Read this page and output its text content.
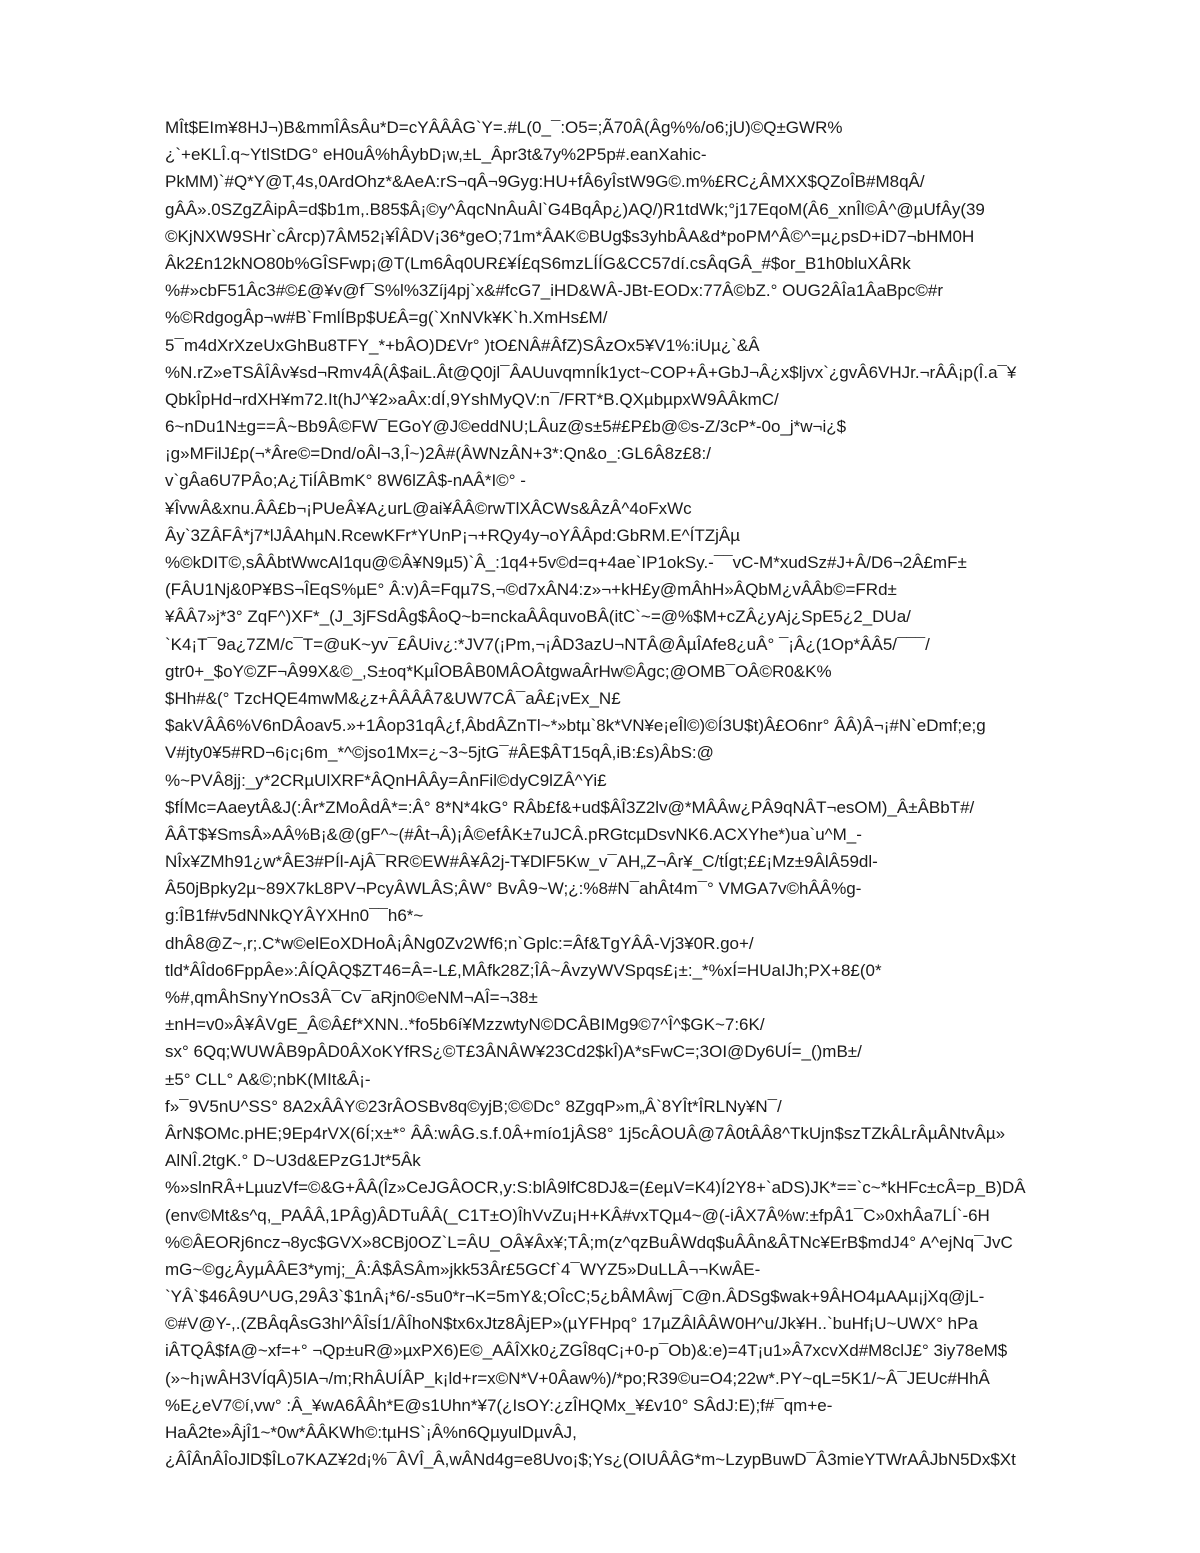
MÎt$EIm¥8HJ¬)B&mmÎÂsÂu*D=cYÂÂÂG`Y=.#L(0_¯:O5=;Ã70Â(Âg%%/o6;jU)©Q±GWR%
¿`+eKLÎ.q~YtlStDG° eH0uÂ%hÂybD¡w,±L_Âpr3t&7y%2P5p#.eanXahic-
PkMM)`#Q*Y@T,4s,0ArdOhz*&AeA:rS¬qÂ¬9Gyg:HU+fÂ6yÎstW9G©.m%£RC¿ÂMXX$QZoÎB#M8qÂ/
gÂÂ».0SZgZÂipÂ=d$b1m,.B85$Â¡©y^ÂqcNnÂuÂl`G4BqÂp¿)AQ/)R1tdWk;°j17EqoM(Â6_xnÎl©Â^@µUfÂy(39
©KjNXW9SHr`cÂrcp)7ÂM52¡¥ÎÂDV¡36*geO;71m*ÂAK©BUg$s3yhbÂA&d*poPM^Â©^=µ¿psD+iD7¬bHM0H
Âk2£n12kNO80b%GÎSFwp¡@T(Lm6Âq0UR£¥Í£qS6mzLÍÍG&CC57dí.csÂqGÂ_#$or_B1h0bluXÂRk
%#»cbF51Âc3#©£@¥v@f¯S%l%3Zíj4pj`x&#fcG7_iHD&WÂ-JBt-EODx:77Â©bZ.° OUG2ÂÎa1ÂaBpc©#r
%©RdgogÂp¬w#B`FmlÍBp$U£Â=g(`XnNVk¥K`h.XmHs£M/
5¯m4dXrXzeUxGhBu8TFY_*+bÂO)D£Vr° )tO£NÂ#ÂfZ)SÂzOx5¥V1%:iUµ¿`&Â
%N.rZ»eTSÂÎÂv¥sd¬Rmv4Â(Â$aiL.Ât@Q0jl¯ÂAUuvqmnÍk1yct~COP+Â+GbJ¬Â¿x$ljvx`¿gvÂ6VHJr.¬rÂÂ¡p(Î.a¯¥
QbkÎpHd¬rdXH¥m72.It(hJ^¥2»aÂx:dÍ,9YshMyQV:n¯/FRT*B.QXµbµpxW9ÂÂkmC/
6~nDu1N±g==Â~Bb9Â©FW¯EGoY@J©eddNU;LÂuz@s±5#£P£b@©s-Z/3cP*-0o_j*w¬i¿$
¡g»MFilJ£p(¬*Âre©=Dnd/oÂl¬3,Î~)2Â#(ÂWNzÂN+3*:Qn&o_:GL6Â8z£8:/
v`gÂa6U7PÂo;A¿TiÍÂBmK° 8W6lZÂ$-nAÂ*I©° -
¥ÎvwÂ&xnu.ÂÂ£b¬¡PUeÂ¥A¿urL@ai¥ÂÂ©rwTlXÂCWs&ÂzÂ^4oFxWc
Ây`3ZÂFÂ*j7*lJÂAhµN.RcewKFr*YUnP¡¬+RQy4y¬oYÂÂpd:GbRM.E^ÍTZjÂµ
%©kDIT©,sÂÂbtWwcAl1qu@©Â¥N9µ5)`Â_:1q4+5v©d=q+4ae`IP1okSy.-¯¯vC-M*xudSz#J+Â/D6¬2Â£mF±
(FÂU1Nj&0P¥BS¬ÎEqS%µE° Â:v)Â=Fqµ7S,¬©d7xÂN4:z»¬+kH£y@mÂhH»ÂQbM¿vÂÂb©=FRd±
¥ÂÂ7»j*3° ZqF^)XF*_(J_3jFSdÂg$ÂoQ~b=nckaÂÂquvoBÂ(itC`~=@%$M+cZÂ¿yAj¿SpE5¿2_DUa/
`K4¡T¯9a¿7ZM/c¯T=@uK~yv¯£ÂUiv¿:*JV7(¡Pm,¬¡ÂD3azU¬NTÂ@ÂµÎAfe8¿uÂ° ¯¡Â¿(1Op*ÂÂ5/¯¯¯/
gtr0+_$oY©ZF¬Â99X&©_,S±oq*KµÎOBÂB0MÂOÂtgwaÂrHw©Âgc;@OMB¯OÂ©R0&K%
$Hh#&(° TzcHQE4mwM&¿z+ÂÂÂÂ7&UW7CÂ¯aÂ£¡vEx_N£
$akVÂÂ6%V6nDÂoav5.»+1Âop31qÂ¿f,ÂbdÂZnTl~*»btµ`8k*VN¥e¡eÎl©)©Í3U$t)Â£O6nr° ÂÂ)Â¬¡#N`eDmf;e;g
V#jty0¥5#RD¬6¡c¡6m_*^©jso1Mx=¿~3~5jtG¯#ÂE$ÂT15qÂ,iB:£s)ÂbS:@
%~PVÂ8jj:_y*2CRµUlXRF*ÂQnHÂÂy=ÂnFil©dyC9lZÂ^Yi£
$fÍMc=AaeytÂ&J(:Âr*ZMoÂdÂ*=:Â° 8*N*4kG° RÂb£f&+ud$ÂÎ3Z2lv@*MÂÂw¿PÂ9qNÂT¬esOM)_Â±ÂBbT#/
ÂÂT$¥SmsÂ»AÂ%B¡&@(gF^~(#Ât¬Â)¡Â©efÂK±7uJCÂ.pRGtcµDsvNK6.ACXYhe*)ua`u^M_-
NÎx¥ZMh91¿w*ÂE3#PÍl-AjÂ¯RR©EW#Â¥Â2j-T¥DlF5Kw_v¯AH„Z¬Âr¥_C/tÍgt;££¡Mz±9ÂlÂ59dl-
Â50jBpky2µ~89X7kL8PV¬PcyÂWLÂS;ÂW° BvÂ9~W;¿:%8#N¯ahÂt4m¯° VMGA7v©hÂÂ%g-
g:ÎB1f#v5dNNkQYÂYXHn0¯¯h6*~
dhÂ8@Z~,r;.C*w©elEoXDHoÂ¡ÂNg0Zv2Wf6;n`Gplc:=Âf&TgYÂÂ-Vj3¥0R.go+/
tld*ÂÎdo6FppÂe»:ÂÍQÂQ$ZT46=Â=-L£,MÂfk28Z;ÎÂ~ÂvzyWVSpqs£¡±:_*%xÍ=HUaIJh;PX+8£(0*
%#,qmÂhSnyYnOs3Â¯Cv¯aRjn0©eNM¬AÎ=¬38±
±nH=v0»Â¥ÂVgE_Â©Â£f*XNN..*fo5b6í¥MzzwtyN©DCÂBIMg9©7^Î^$GK~7:6K/
sx° 6Qq;WUWÂB9pÂD0ÂXoKYfRS¿©T£3ÂNÂW¥23Cd2$kÎ)A*sFwC=;3OI@Dy6UÍ=_()mB±/
±5° CLL° A&©;nbK(MIt&Â¡-
f»¯9V5nU^SS° 8A2xÂÂY©23rÂOSBv8q©yjB;©©Dc° 8ZgqP»m„Â`8YÎt*ÎRLNy¥N¯/
ÂrN$OMc.pHE;9Ep4rVX(6Í;x±*° ÂÂ:wÂG.s.f.0Â+mío1jÂS8° 1j5cÂOUÂ@7Â0tÂÂ8^TkUjn$szTZkÂLrÂµÂNtvÂµ»
AlNÎ.2tgK.° D~U3d&EPzG1Jt*5Âk
%»slnRÂ+LµuzVf=©&G+ÂÂ(Îz»CeJGÂOCR,y:S:blÂ9lfC8DJ&=(£eµV=K4)Í2Y8+`aDS)JK*==`c~*kHFc±cÂ=p_B)DÂ
(env©Mt&s^q,_PAÂÂ,1PÂg)ÂDTuÂÂ(_C1T±O)ÎhVvZu¡H+KÂ#vxTQµ4~@(-iÂX7Â%w:±fpÂ1¯C»0xhÂa7LÍ`-6H
%©ÂEORj6ncz¬8yc$GVX»8CBj0OZ`L=ÂU_OÂ¥Âx¥;TÂ;m(z^qzBuÂWdq$uÂÂn&ÂTNc¥ErB$mdJ4° A^ejNq¯JvC
mG~©g¿ÂyµÂÂE3*ymj;_Â:Â$ÂSÂm»jkk53Âr£5GCf`4¯WYZ5»DuLLÂ¬¬KwÂE-
`YÂ`$46Â9U^UG,29Â3`$1nÂ¡*6/-s5u0*r¬K=5mY&;OÎcC;5¿bÂMÂwj¯C@n.ÂDSg$wak+9ÂHO4µAAµ¡jXq@jL-
©#V@Y-,.(ZBÂqÂsG3hl^ÂÎsÍ1/ÂÎhoN$tx6xJtz8ÂjEP»(µYFHpq° 17µZÂlÂÂW0H^u/Jk¥H..`buHf¡U~UWX° hPa
iÂTQÂ$fA@~xf=+° ¬Qp±uR@»µxPX6)E©_AÂÎXk0¿ZGÎ8qC¡+0-p¯Ob)&:e)=4T¡u1»Â7xcvXd#M8clJ£° 3iy78eM$
(»~h¡wÂH3VÍqÂ)5IA¬/m;RhÂUÍÂP_k¡ld+r=x©N*V+0Âaw%)/*po;R39©u=O4;22w*.PY~qL=5K1/~Â¯JEUc#HhÂ
%E¿eV7©í,vw° :Â_¥wA6ÂÂh*E@s1Uhn*¥7(¿IsOY:¿zÎHQMx_¥£v10° SÂdJ:E);f#¯qm+e-
HaÂ2te»ÂjÎ1~*0w*ÂÂKWh©:tµHS`¡Â%n6QµyulDµvÂJ,
¿ÂÎÂnÂÎoJlD$ÎLo7KAZ¥2d¡%¯ÂVÎ_Â,wÂNd4g=e8Uvo¡$;Ys¿(OIUÂÂG*m~LzypBuwD¯Â3mieYTWrAÂJbN5Dx$Xt
